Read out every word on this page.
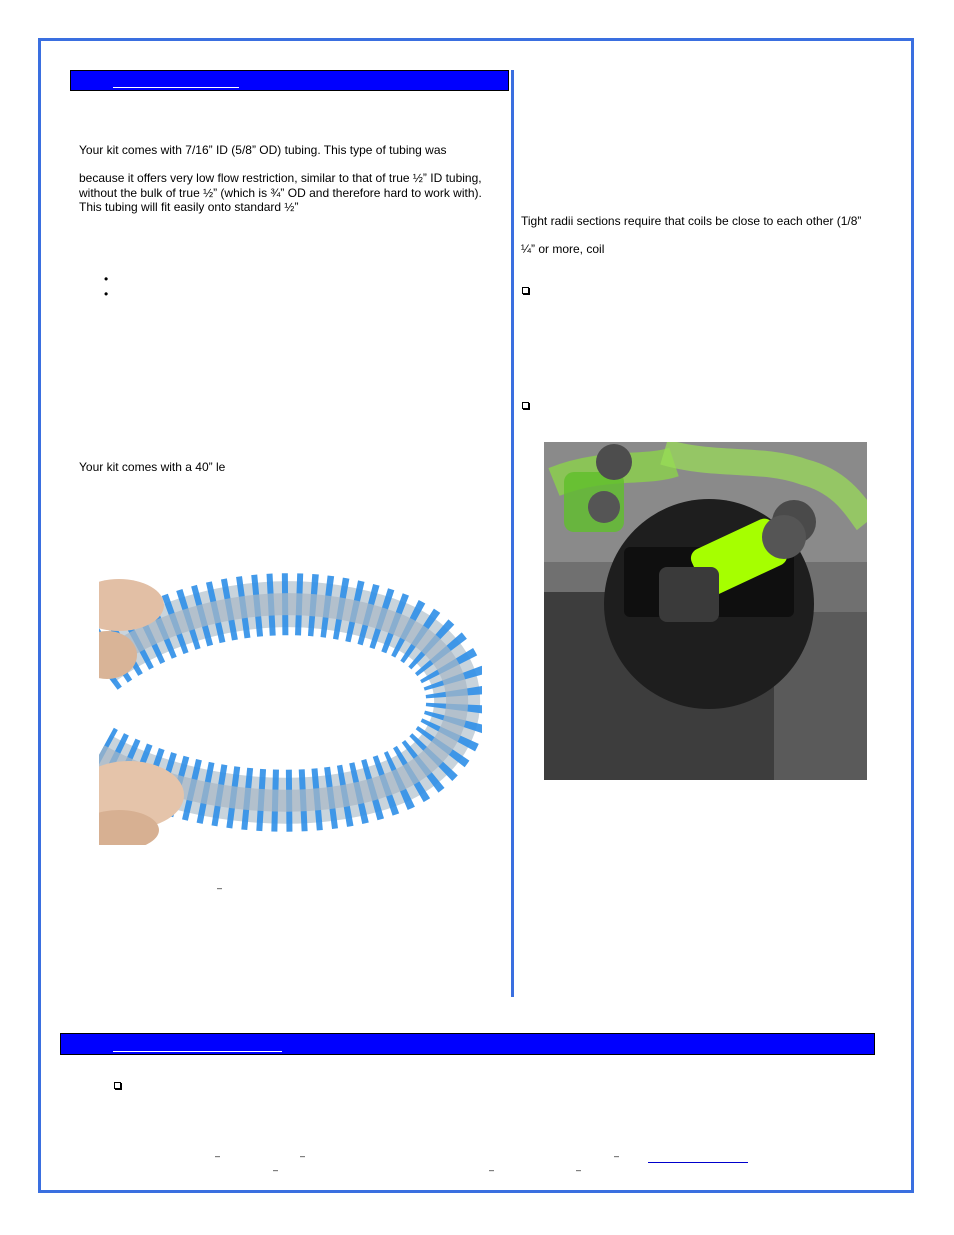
Your kit comes with 7/16” ID (5/8” OD) tubing. This type of tubing was
because it offers very low flow restriction, similar to that of true ½” ID tubing,
without the bulk of true ½” (which is ¾” OD and therefore hard to work with).
This tubing will fit easily onto standard ½”
•
•
Your kit comes with a 40” le
–
Tight radii sections require that coils be close to each other (1/8”
¼” or more, coil
–	–	–
–	–	–
